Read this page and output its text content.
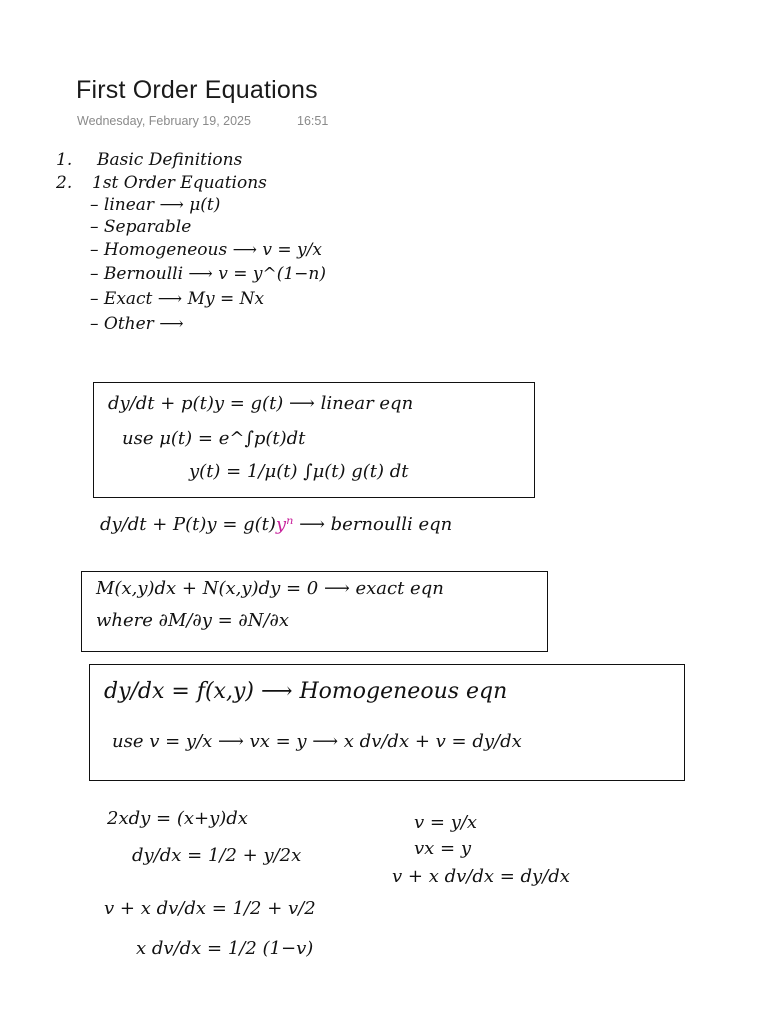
First Order Equations
Wednesday, February 19, 2025	16:51
1. Basic Definitions
2. 1st Order Equations
– linear ⟶ μ(t)
– Separable
– Homogeneous ⟶ v = y/x
– Bernoulli ⟶ v = y^(1−n)
– Exact ⟶ My = Nx
– Other ⟶
dy/dt + p(t)y = g(t) ⟶ linear eqn
use μ(t) = e^∫p(t)dt
y(t) = 1/μ(t) ∫μ(t) g(t) dt
dy/dt + P(t)y = g(t)yⁿ ⟶ bernoulli eqn
M(x,y)dx + N(x,y)dy = 0 ⟶ exact eqn
where ∂M/∂y = ∂N/∂x
dy/dx = f(x,y) ⟶ Homogeneous eqn
use v = y/x ⟶ vx = y ⟶ x dv/dx + v = dy/dx
2xdy = (x+y)dx
dy/dx = 1/2 + y/2x
v + x dv/dx = 1/2 + v/2
x dv/dx = 1/2 (1−v)
v = y/x
vx = y
v + x dv/dx = dy/dx
